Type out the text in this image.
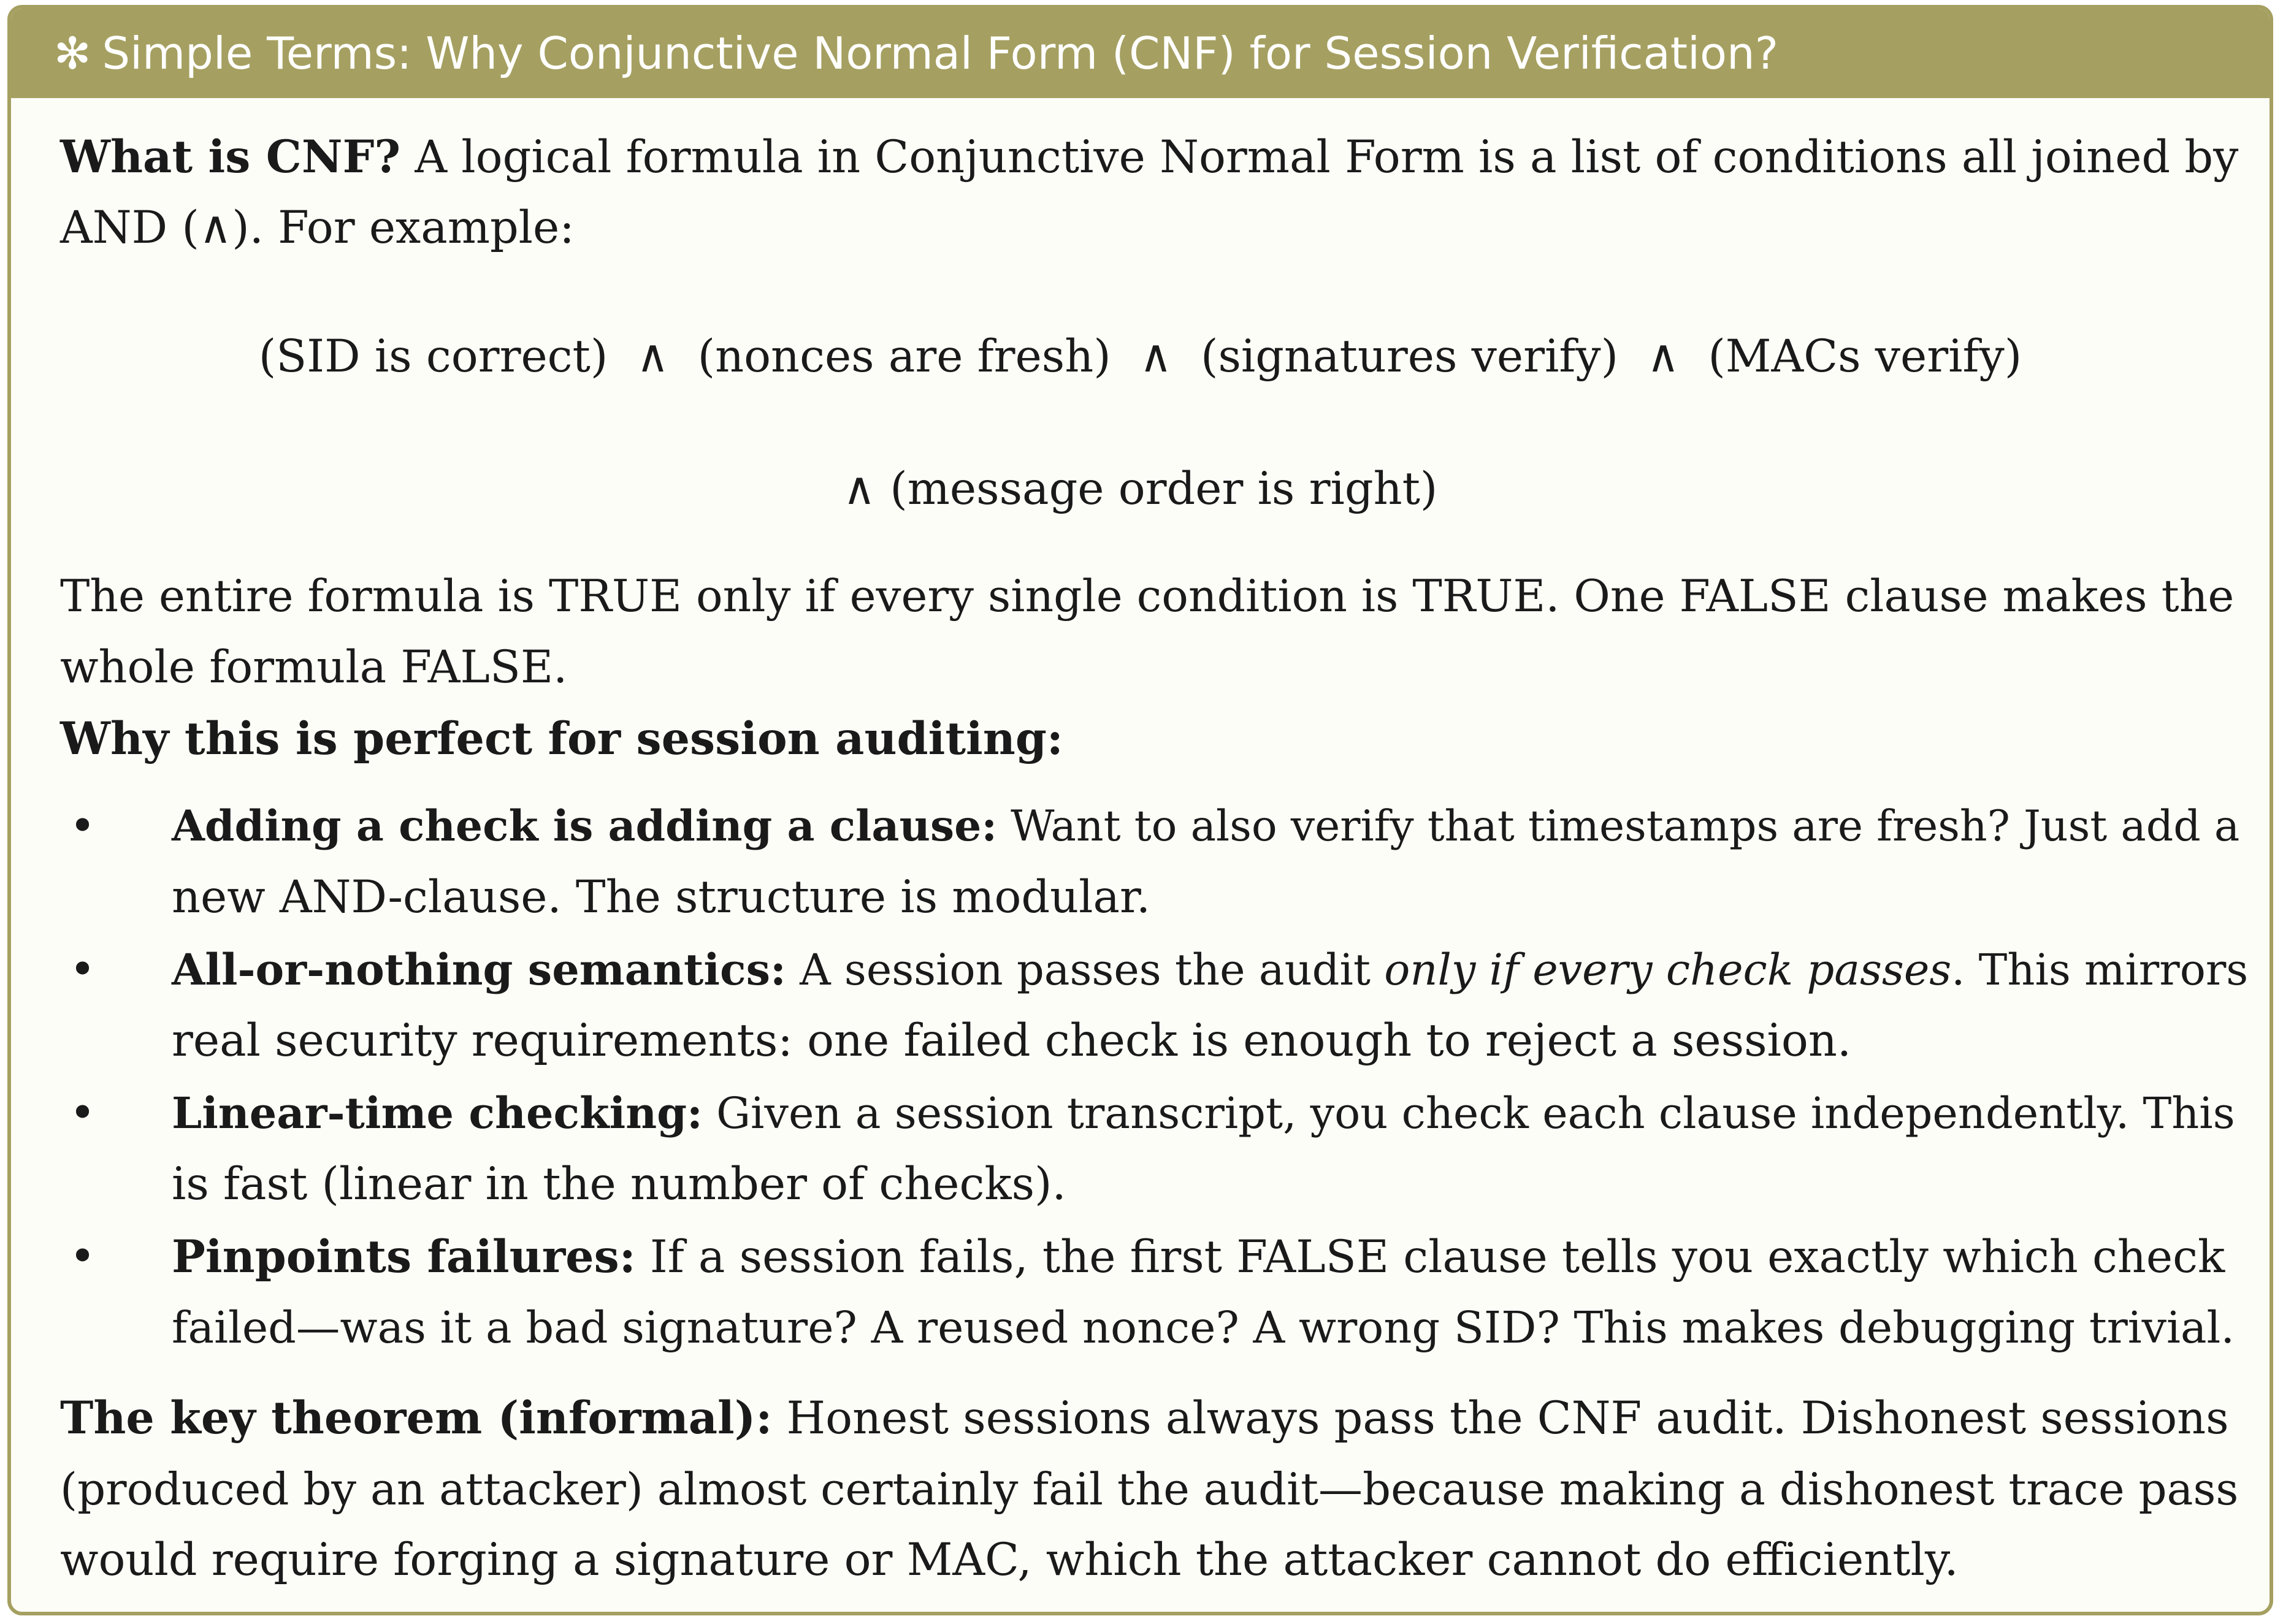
✻ Simple Terms: Why Conjunctive Normal Form (CNF) for Session Verification?
What is CNF? A logical formula in Conjunctive Normal Form is a list of conditions all joined by
AND (∧). For example:
(SID is correct)  ∧  (nonces are fresh)  ∧  (signatures verify)  ∧  (MACs verify)
∧ (message order is right)
The entire formula is TRUE only if every single condition is TRUE. One FALSE clause makes the
whole formula FALSE.
Why this is perfect for session auditing:
• Adding a check is adding a clause: Want to also verify that timestamps are fresh? Just add a
new AND-clause. The structure is modular.
• All-or-nothing semantics: A session passes the audit only if every check passes. This mirrors
real security requirements: one failed check is enough to reject a session.
• Linear-time checking: Given a session transcript, you check each clause independently. This
is fast (linear in the number of checks).
• Pinpoints failures: If a session fails, the first FALSE clause tells you exactly which check
failed—was it a bad signature? A reused nonce? A wrong SID? This makes debugging trivial.
The key theorem (informal): Honest sessions always pass the CNF audit. Dishonest sessions
(produced by an attacker) almost certainly fail the audit—because making a dishonest trace pass
would require forging a signature or MAC, which the attacker cannot do efficiently.
